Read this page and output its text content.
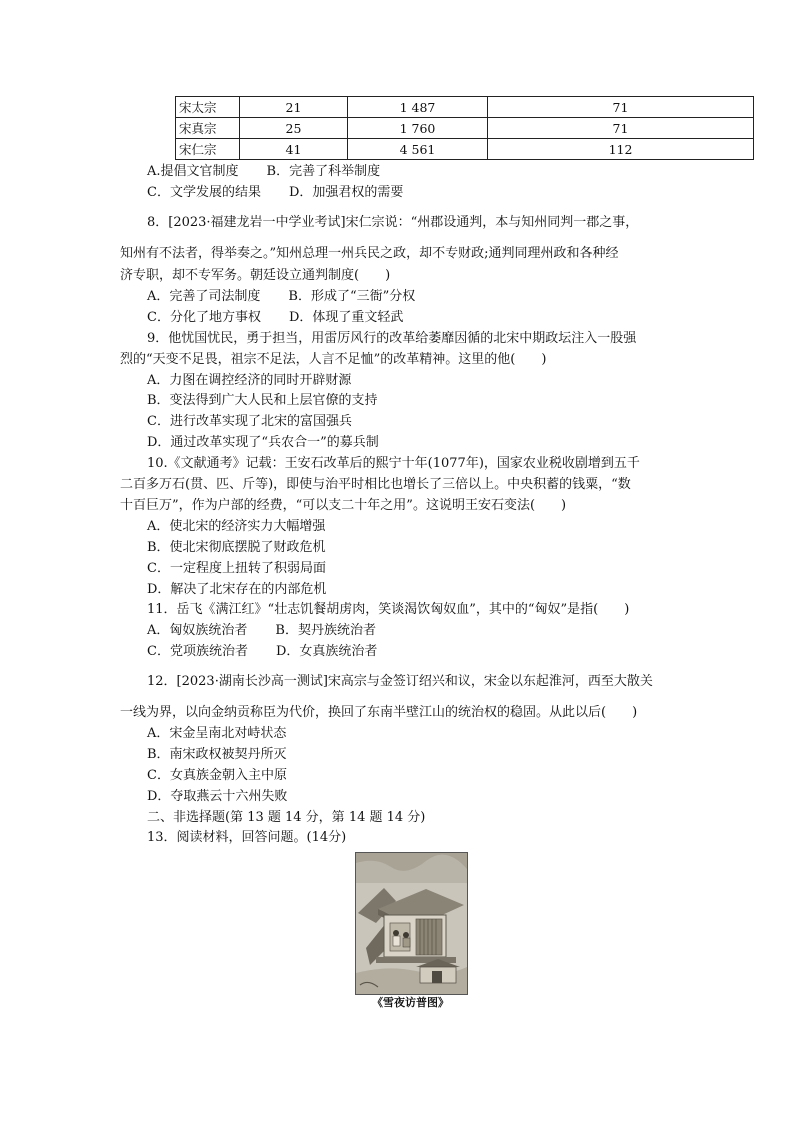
宋太宗	21	1 487	71
宋真宗	25	1 760	71
宋仁宗	41	4 561	112
A.提倡文官制度 B．完善了科举制度
C．文学发展的结果 D．加强君权的需要
8．[2023·福建龙岩一中学业考试]宋仁宗说：“州郡设通判，本与知州同判一郡之事，
知州有不法者，得举奏之。”知州总理一州兵民之政，却不专财政;通判同理州政和各种经
济专职，却不专军务。朝廷设立通判制度(　　)
A．完善了司法制度 B．形成了“三衙”分权
C．分化了地方事权 D．体现了重文轻武
9．他忧国忧民，勇于担当，用雷厉风行的改革给萎靡因循的北宋中期政坛注入一股强
烈的“天变不足畏，祖宗不足法，人言不足恤”的改革精神。这里的他(　　)
A．力图在调控经济的同时开辟财源
B．变法得到广大人民和上层官僚的支持
C．进行改革实现了北宋的富国强兵
D．通过改革实现了“兵农合一”的募兵制
10.《文献通考》记载：王安石改革后的熙宁十年(1077年)，国家农业税收剧增到五千
二百多万石(贯、匹、斤等)，即使与治平时相比也增长了三倍以上。中央积蓄的钱粟，“数
十百巨万”，作为户部的经费，“可以支二十年之用”。这说明王安石变法(　　)
A．使北宋的经济实力大幅增强
B．使北宋彻底摆脱了财政危机
C．一定程度上扭转了积弱局面
D．解决了北宋存在的内部危机
11．岳飞《满江红》“壮志饥餐胡虏肉，笑谈渴饮匈奴血”，其中的“匈奴”是指(　　)
A．匈奴族统治者 B．契丹族统治者
C．党项族统治者 D．女真族统治者
12．[2023·湖南长沙高一测试]宋高宗与金签订绍兴和议，宋金以东起淮河，西至大散关
一线为界，以向金纳贡称臣为代价，换回了东南半壁江山的统治权的稳固。从此以后(　　)
A．宋金呈南北对峙状态
B．南宋政权被契丹所灭
C．女真族金朝入主中原
D．夺取燕云十六州失败
二、非选择题(第 13 题 14 分，第 14 题 14 分)
13．阅读材料，回答问题。(14分)
《雪夜访普图》
